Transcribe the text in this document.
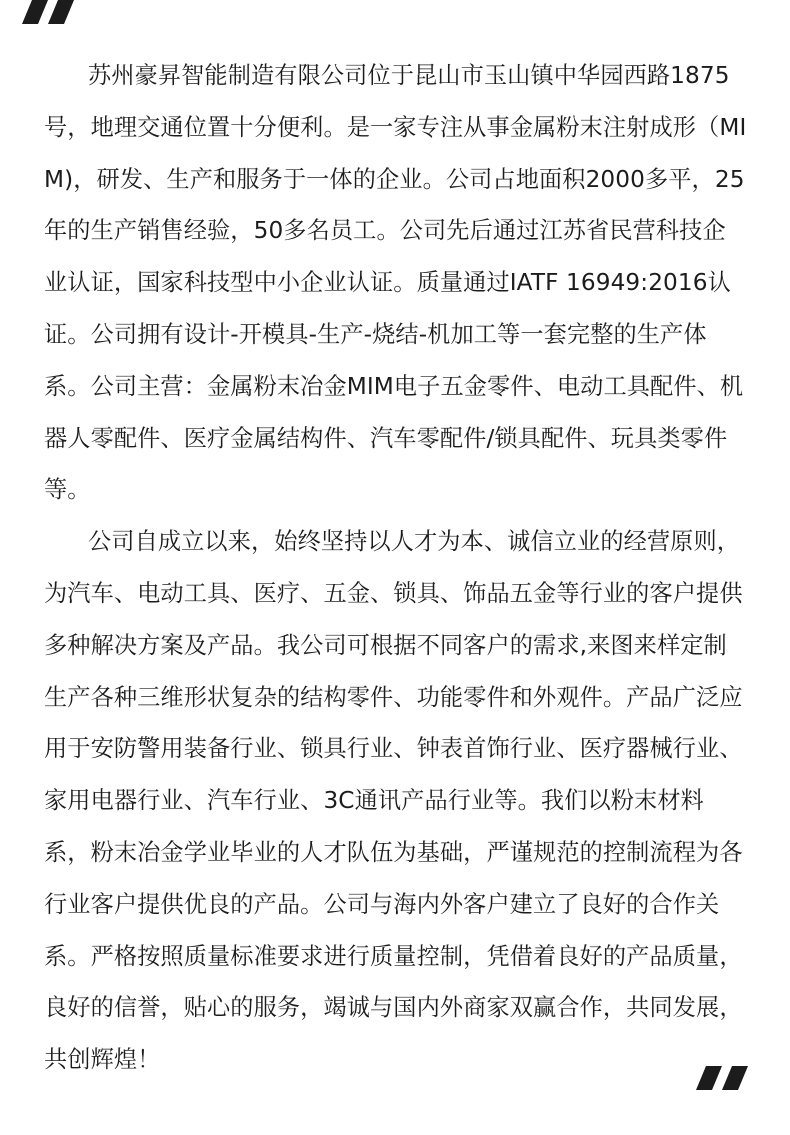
苏州豪昇智能制造有限公司位于昆山市玉山镇中华园西路1875号，地理交通位置十分便利。是一家专注从事金属粉末注射成形（MIM)，研发、生产和服务于一体的企业。公司占地面积2000多平，25年的生产销售经验，50多名员工。公司先后通过江苏省民营科技企业认证，国家科技型中小企业认证。质量通过IATF 16949:2016认证。公司拥有设计-开模具-生产-烧结-机加工等一套完整的生产体系。公司主营：金属粉末冶金MIM电子五金零件、电动工具配件、机器人零配件、医疗金属结构件、汽车零配件/锁具配件、玩具类零件等。

公司自成立以来，始终坚持以人才为本、诚信立业的经营原则，为汽车、电动工具、医疗、五金、锁具、饰品五金等行业的客户提供多种解决方案及产品。我公司可根据不同客户的需求,来图来样定制生产各种三维形状复杂的结构零件、功能零件和外观件。产品广泛应用于安防警用装备行业、锁具行业、钟表首饰行业、医疗器械行业、家用电器行业、汽车行业、3C通讯产品行业等。我们以粉末材料系，粉末冶金学业毕业的人才队伍为基础，严谨规范的控制流程为各行业客户提供优良的产品。公司与海内外客户建立了良好的合作关系。严格按照质量标准要求进行质量控制，凭借着良好的产品质量，良好的信誉，贴心的服务，竭诚与国内外商家双赢合作，共同发展，共创辉煌！
